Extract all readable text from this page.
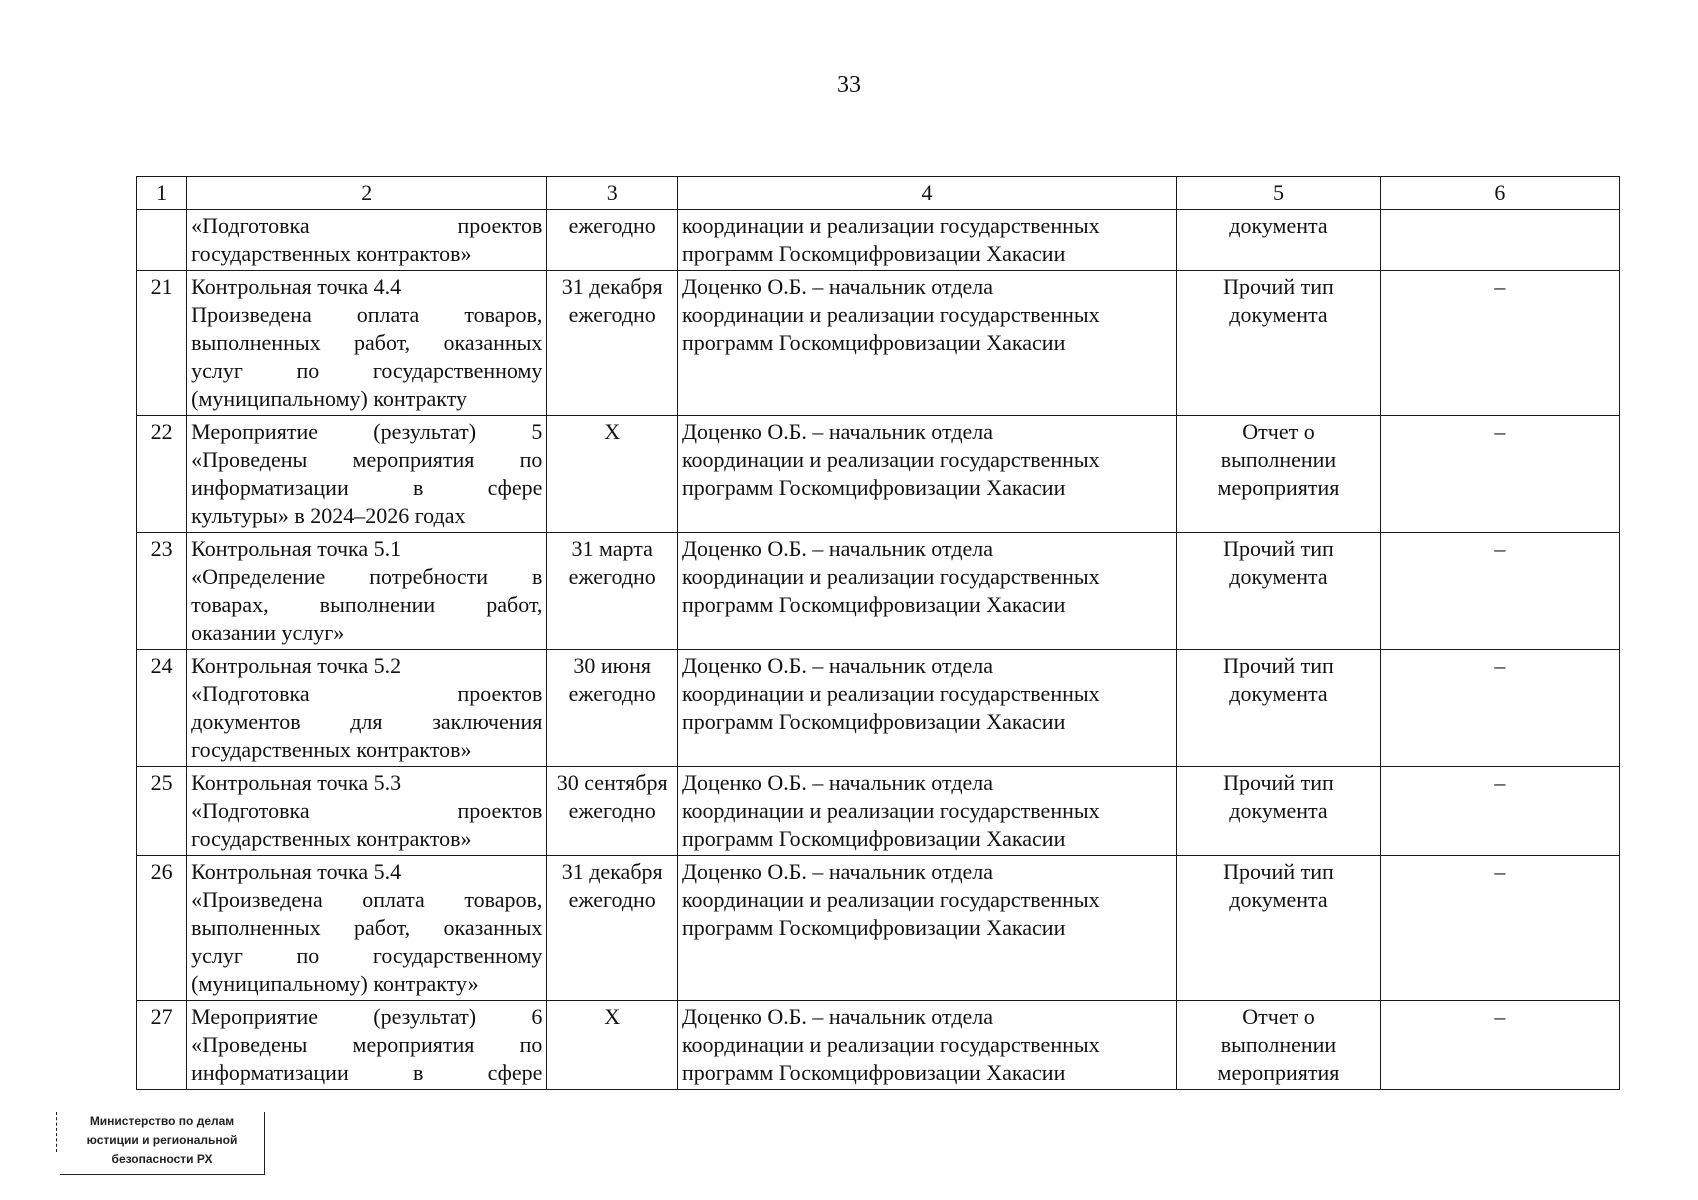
33
1	2	3	4	5	6

	«Подготовка проектов
государственных контрактов»	ежегодно	координации и реализации государственных
программ Госкомцифровизации Хакасии	документа	

21	Контрольная точка 4.4
Произведена оплата товаров,
выполненных работ, оказанных
услуг по государственному
(муниципальному) контракту	31 декабря
ежегодно	Доценко О.Б. – начальник отдела
координации и реализации государственных
программ Госкомцифровизации Хакасии	Прочий тип
документа	–

22	Мероприятие (результат) 5
«Проведены мероприятия по
информатизации в сфере
культуры» в 2024–2026 годах	Х	Доценко О.Б. – начальник отдела
координации и реализации государственных
программ Госкомцифровизации Хакасии	Отчет о
выполнении
мероприятия	–

23	Контрольная точка 5.1
«Определение потребности в
товарах, выполнении работ,
оказании услуг»	31 марта
ежегодно	Доценко О.Б. – начальник отдела
координации и реализации государственных
программ Госкомцифровизации Хакасии	Прочий тип
документа	–

24	Контрольная точка 5.2
«Подготовка проектов
документов для заключения
государственных контрактов»	30 июня
ежегодно	Доценко О.Б. – начальник отдела
координации и реализации государственных
программ Госкомцифровизации Хакасии	Прочий тип
документа	–

25	Контрольная точка 5.3
«Подготовка проектов
государственных контрактов»	30 сентября
ежегодно	Доценко О.Б. – начальник отдела
координации и реализации государственных
программ Госкомцифровизации Хакасии	Прочий тип
документа	–

26	Контрольная точка 5.4
«Произведена оплата товаров,
выполненных работ, оказанных
услуг по государственному
(муниципальному) контракту»	31 декабря
ежегодно	Доценко О.Б. – начальник отдела
координации и реализации государственных
программ Госкомцифровизации Хакасии	Прочий тип
документа	–

27	Мероприятие (результат) 6
«Проведены мероприятия по
информатизации в сфере	Х	Доценко О.Б. – начальник отдела
координации и реализации государственных
программ Госкомцифровизации Хакасии	Отчет о
выполнении
мероприятия	–
Министерство по делам
юстиции и региональной
безопасности РХ
